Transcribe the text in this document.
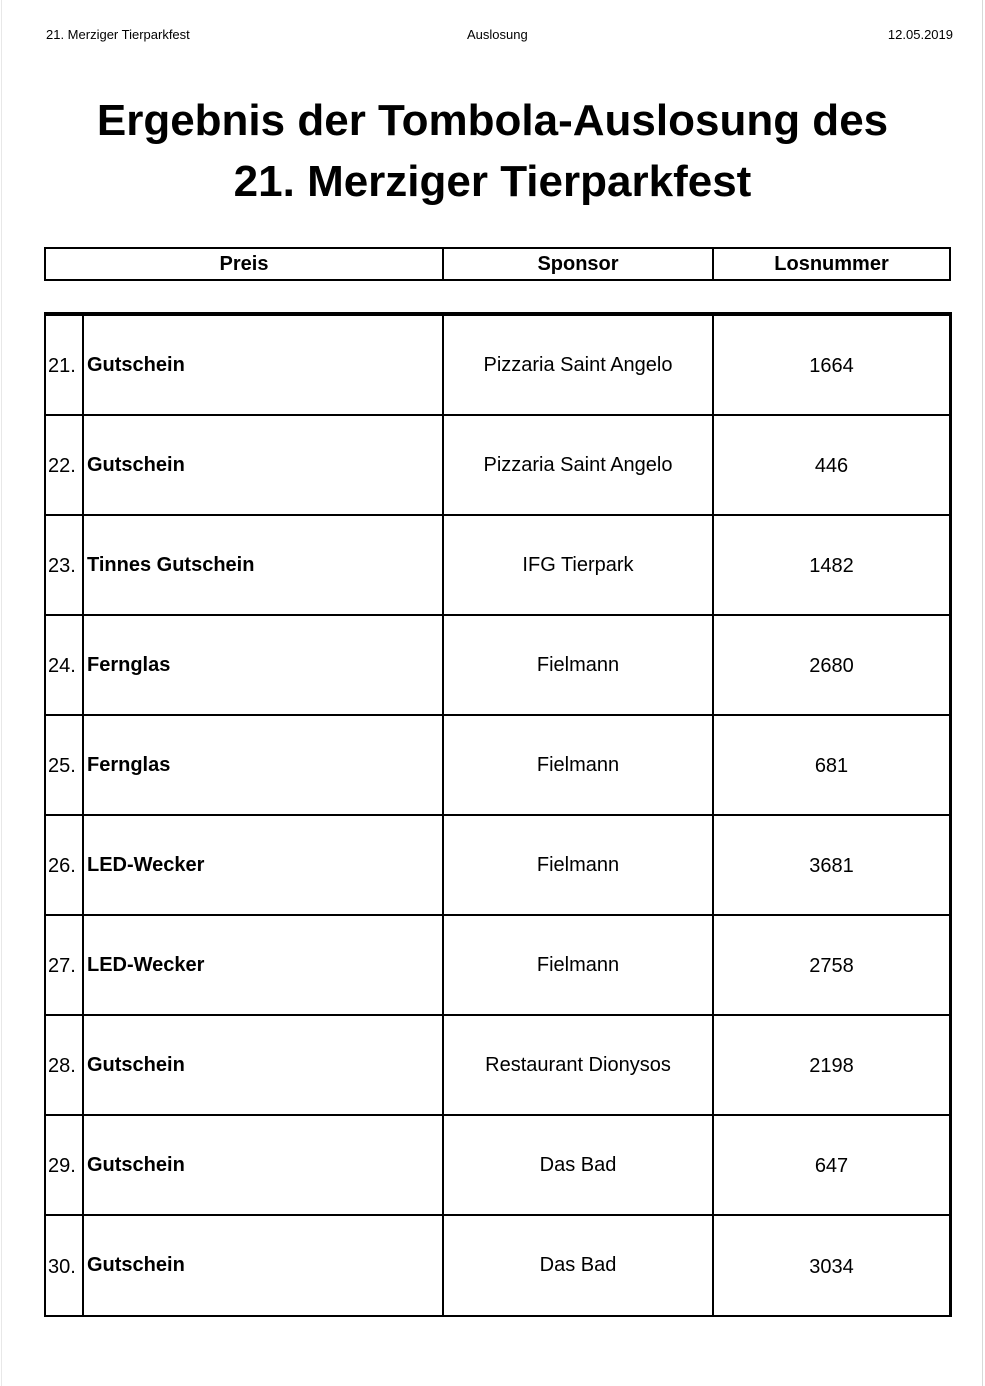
21. Merziger Tierparkfest	Auslosung	12.05.2019
Ergebnis der Tombola-Auslosung des
21. Merziger Tierparkfest
Preis	Sponsor	Losnummer
21. Gutschein	Pizzaria Saint Angelo	1664
22. Gutschein	Pizzaria Saint Angelo	446
23. Tinnes Gutschein	IFG Tierpark	1482
24. Fernglas	Fielmann	2680
25. Fernglas	Fielmann	681
26. LED-Wecker	Fielmann	3681
27. LED-Wecker	Fielmann	2758
28. Gutschein	Restaurant Dionysos	2198
29. Gutschein	Das Bad	647
30. Gutschein	Das Bad	3034
